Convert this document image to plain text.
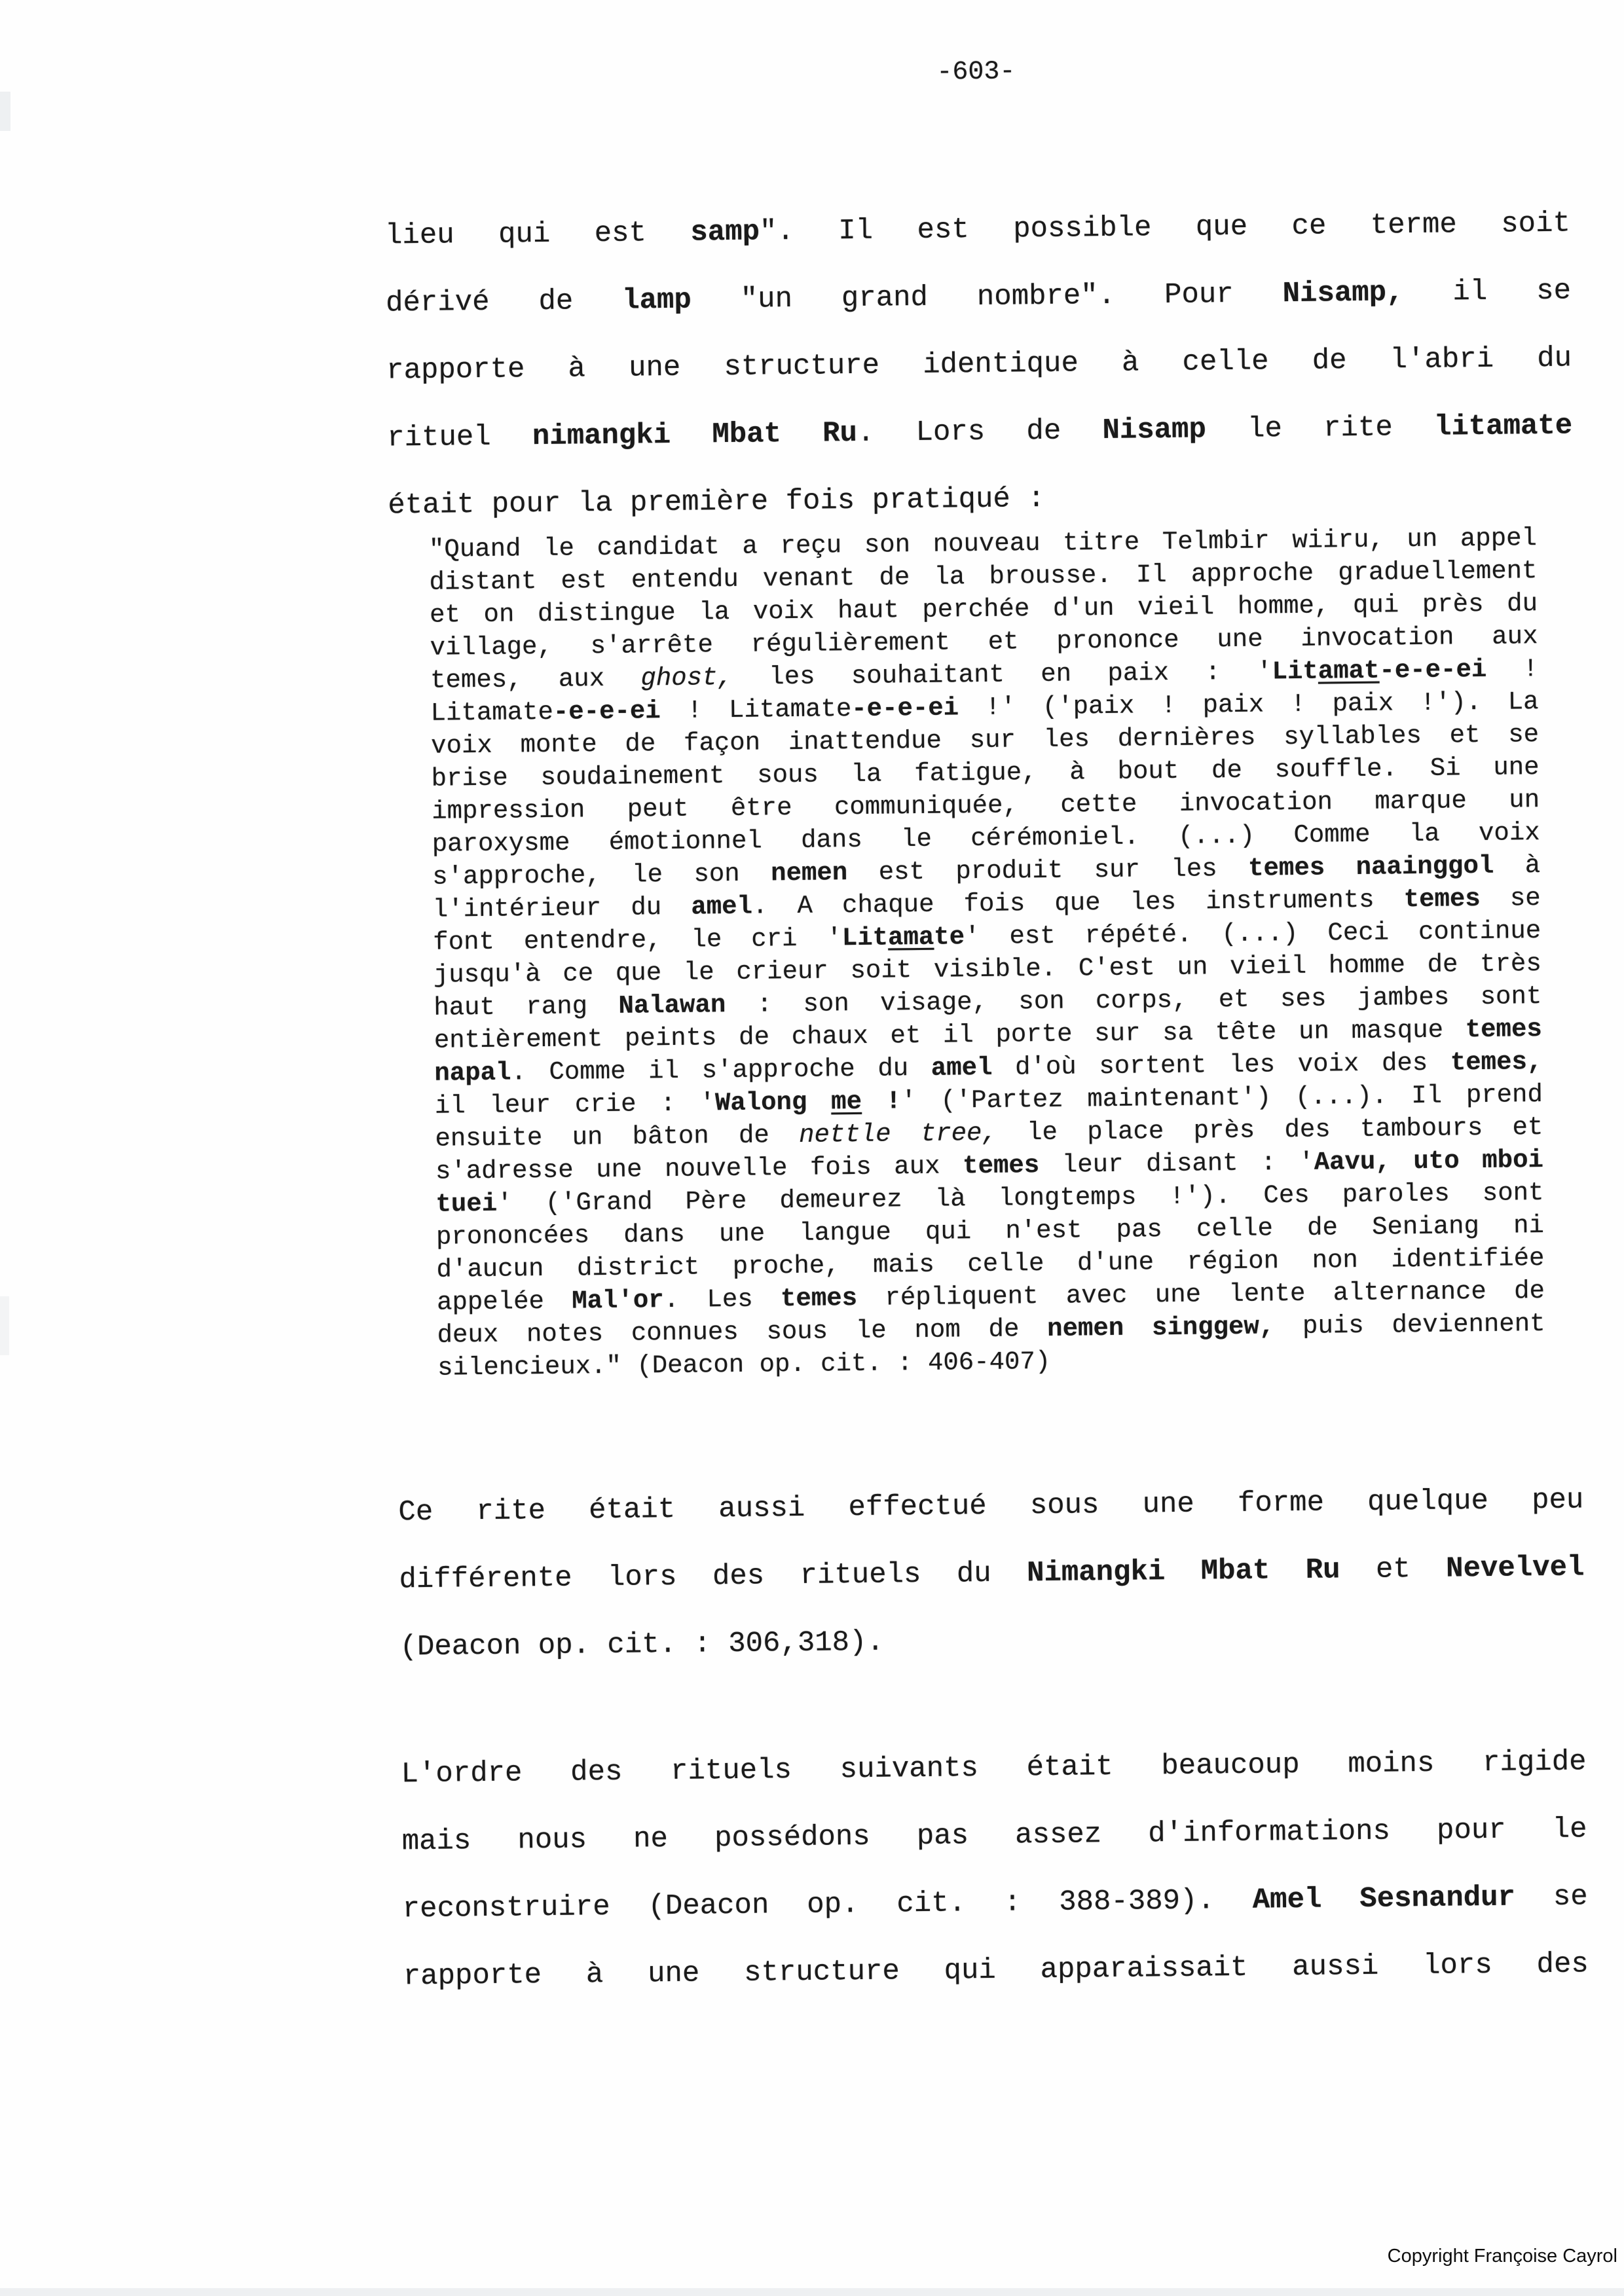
-603-
lieu qui est samp". Il est possible que ce terme soit
dérivé de lamp "un grand nombre". Pour Nisamp, il se
rapporte à une structure identique à celle de l'abri du
rituel nimangki Mbat Ru. Lors de Nisamp le rite litamate
était pour la première fois pratiqué :
"Quand le candidat a reçu son nouveau titre Telmbir wiiru, un appel
distant est entendu venant de la brousse. Il approche graduellement
et on distingue la voix haut perchée d'un vieil homme, qui près du
village, s'arrête régulièrement et prononce une invocation aux
temes, aux ghost, les souhaitant en paix : 'Litamat-e-e-ei !
Litamate-e-e-ei ! Litamate-e-e-ei !' ('paix ! paix ! paix !'). La
voix monte de façon inattendue sur les dernières syllables et se
brise soudainement sous la fatigue, à bout de souffle. Si une
impression peut être communiquée, cette invocation marque un
paroxysme émotionnel dans le cérémoniel. (...) Comme la voix
s'approche, le son nemen est produit sur les temes naainggol à
l'intérieur du amel. A chaque fois que les instruments temes se
font entendre, le cri 'Litamate' est répété. (...) Ceci continue
jusqu'à ce que le crieur soit visible. C'est un vieil homme de très
haut rang Nalawan : son visage, son corps, et ses jambes sont
entièrement peints de chaux et il porte sur sa tête un masque temes
napal. Comme il s'approche du amel d'où sortent les voix des temes,
il leur crie : 'Walong me !' ('Partez maintenant') (...). Il prend
ensuite un bâton de nettle tree, le place près des tambours et
s'adresse une nouvelle fois aux temes leur disant : 'Aavu, uto mboi
tuei' ('Grand Père demeurez là longtemps !'). Ces paroles sont
prononcées dans une langue qui n'est pas celle de Seniang ni
d'aucun district proche, mais celle d'une région non identifiée
appelée Mal'or. Les temes répliquent avec une lente alternance de
deux notes connues sous le nom de nemen singgew, puis deviennent
silencieux." (Deacon op. cit. : 406-407)
Ce rite était aussi effectué sous une forme quelque peu
différente lors des rituels du Nimangki Mbat Ru et Nevelvel
(Deacon op. cit. : 306,318).
L'ordre des rituels suivants était beaucoup moins rigide
mais nous ne possédons pas assez d'informations pour le
reconstruire (Deacon op. cit. : 388-389). Amel Sesnandur se
rapporte à une structure qui apparaissait aussi lors des
Copyright Françoise Cayrol
